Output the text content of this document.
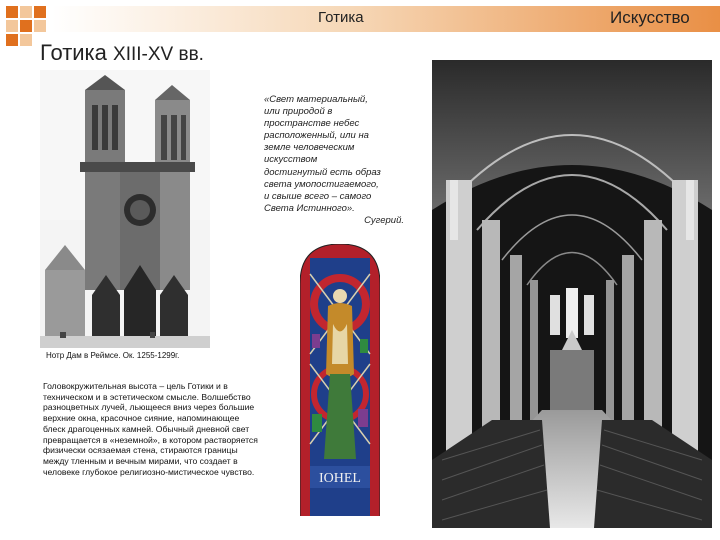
Готика	Искусство
Готика XIII-XV вв.
Нотр Дам в Реймсе. Ок. 1255-1299г.
«Свет материальный,
или природой в
пространстве небес
расположенный, или на
земле человеческим
искусством
достигнутый есть образ
света умопостигаемого,
и свыше всего – самого
Света Истинного».
Сугерий.
IOHEL
Головокружительная высота – цель Готики и в
техническом и в эстетическом смысле. Волшебство
разноцветных лучей, льющееся вниз через большие
верхние окна, красочное сияние, напоминающее
блеск драгоценных камней. Обычный дневной свет
превращается в «неземной», в котором растворяется
физически осязаемая стена, стираются границы
между тленным и вечным мирами, что создает в
человеке глубокое религиозно-мистическое чувство.
